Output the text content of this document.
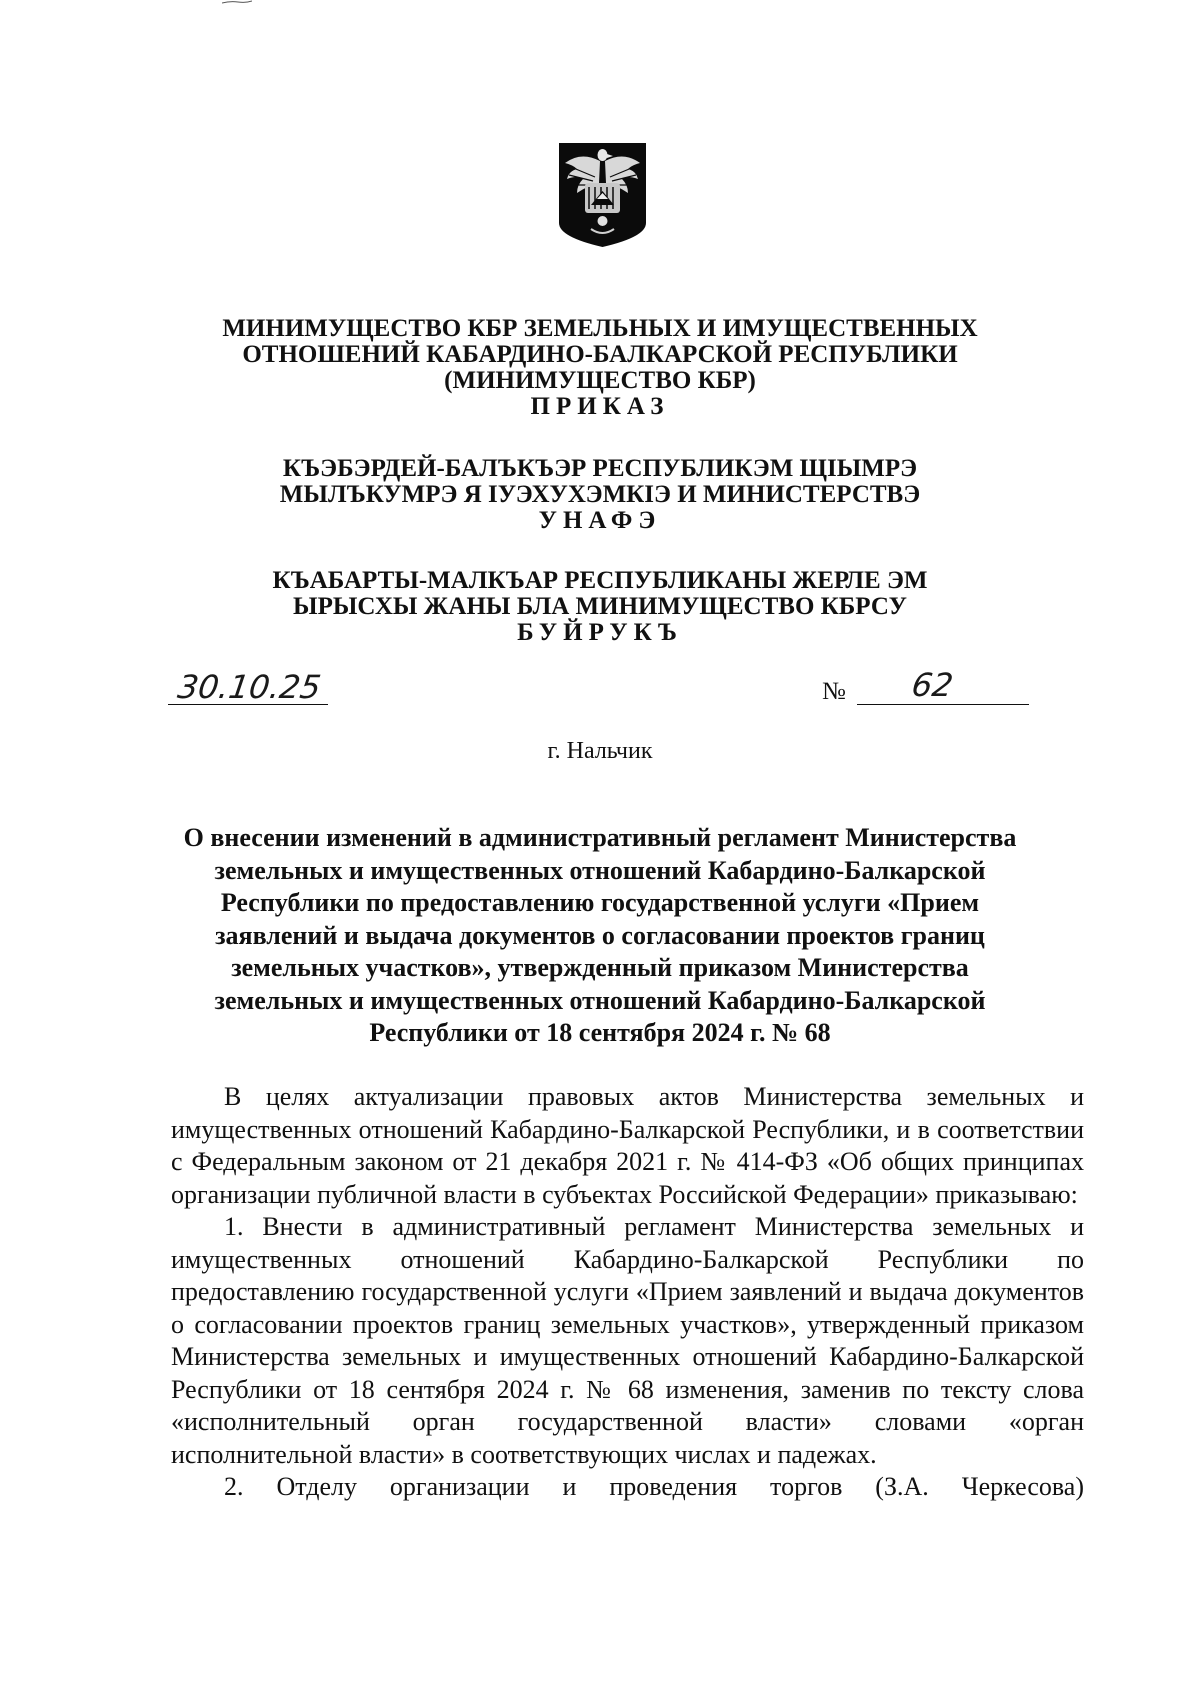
МИНИМУЩЕСТВО КБР ЗЕМЕЛЬНЫХ И ИМУЩЕСТВЕННЫХ
ОТНОШЕНИЙ КАБАРДИНО-БАЛКАРСКОЙ РЕСПУБЛИКИ
(МИНИМУЩЕСТВО КБР)
ПРИКАЗ
КЪЭБЭРДЕЙ-БАЛЪКЪЭР РЕСПУБЛИКЭМ ЩIЫМРЭ
МЫЛЪКУМРЭ Я IУЭХУХЭМКIЭ И МИНИСТЕРСТВЭ
УНАФЭ
КЪАБАРТЫ-МАЛКЪАР РЕСПУБЛИКАНЫ ЖЕРЛЕ ЭМ
ЫРЫСХЫ ЖАНЫ БЛА МИНИМУЩЕСТВО КБРСУ
БУЙРУКЪ
30.10.25	№ 62
г. Нальчик
О внесении изменений в административный регламент Министерства
земельных и имущественных отношений Кабардино-Балкарской
Республики по предоставлению государственной услуги «Прием
заявлений и выдача документов о согласовании проектов границ
земельных участков», утвержденный приказом Министерства
земельных и имущественных отношений Кабардино-Балкарской
Республики от 18 сентября 2024 г. № 68

В целях актуализации правовых актов Министерства земельных и имущественных отношений Кабардино-Балкарской Республики, и в соответствии с Федеральным законом от 21 декабря 2021 г. № 414-ФЗ «Об общих принципах организации публичной власти в субъектах Российской Федерации» приказываю:

1. Внести в административный регламент Министерства земельных и имущественных отношений Кабардино-Балкарской Республики по предоставлению государственной услуги «Прием заявлений и выдача документов о согласовании проектов границ земельных участков», утвержденный приказом Министерства земельных и имущественных отношений Кабардино-Балкарской Республики от 18 сентября 2024 г. № 68 изменения, заменив по тексту слова «исполнительный орган государственной власти» словами «орган исполнительной власти» в соответствующих числах и падежах.

2. Отделу организации и проведения торгов (З.А. Черкесова)
